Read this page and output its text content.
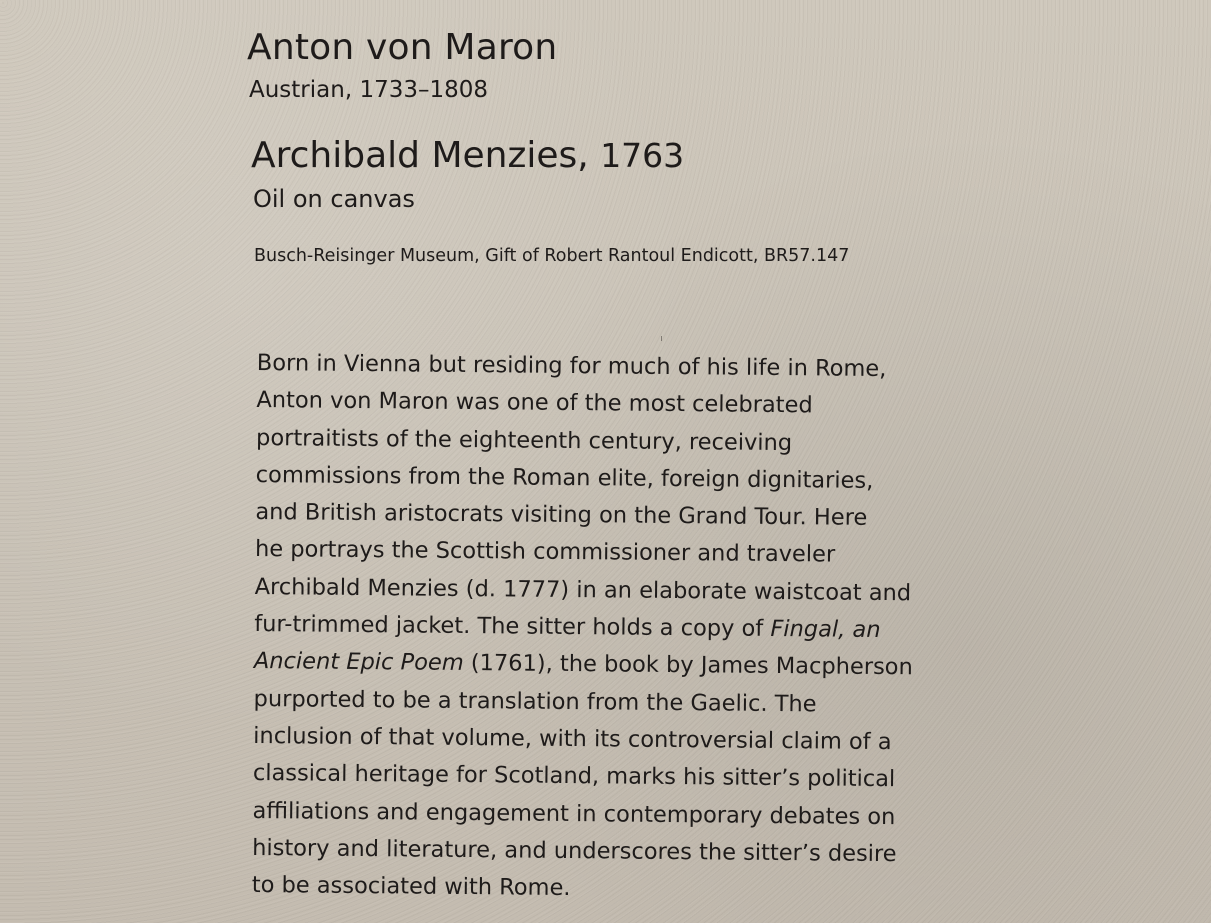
Anton von Maron
Austrian, 1733–1808
Archibald Menzies, 1763
Oil on canvas
Busch-Reisinger Museum, Gift of Robert Rantoul Endicott, BR57.147
Born in Vienna but residing for much of his life in Rome,
Anton von Maron was one of the most celebrated
portraitists of the eighteenth century, receiving
commissions from the Roman elite, foreign dignitaries,
and British aristocrats visiting on the Grand Tour. Here
he portrays the Scottish commissioner and traveler
Archibald Menzies (d. 1777) in an elaborate waistcoat and
fur-trimmed jacket. The sitter holds a copy of Fingal, an
Ancient Epic Poem (1761), the book by James Macpherson
purported to be a translation from the Gaelic. The
inclusion of that volume, with its controversial claim of a
classical heritage for Scotland, marks his sitter’s political
affiliations and engagement in contemporary debates on
history and literature, and underscores the sitter’s desire
to be associated with Rome.
